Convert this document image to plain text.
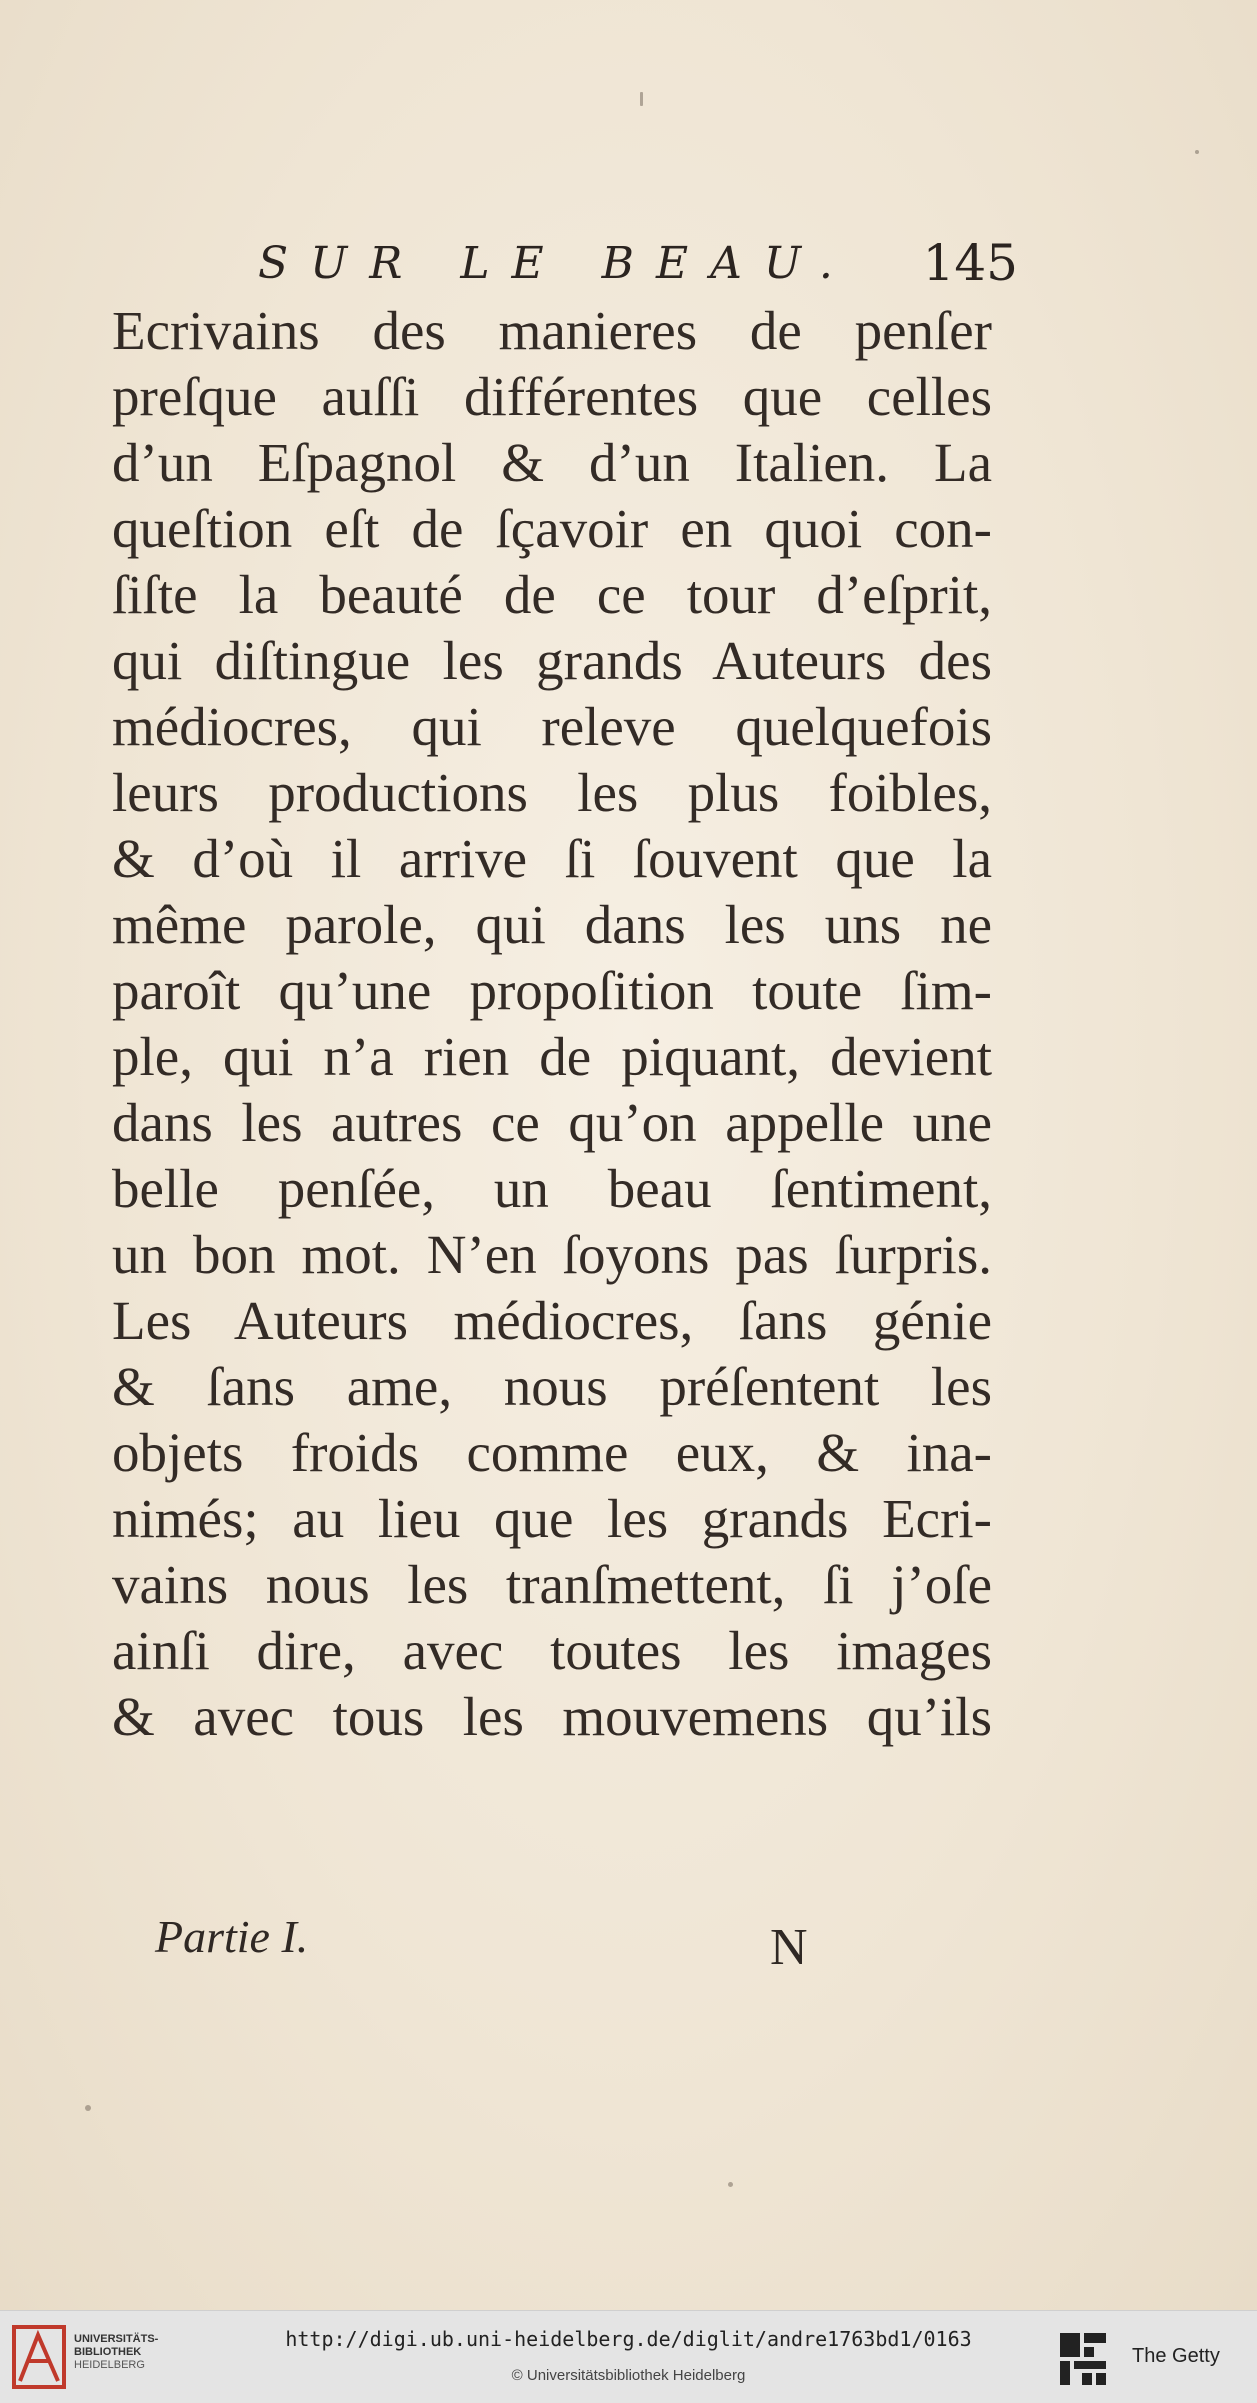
SUR LE BEAU. 145
Ecrivains des manieres de penſer
preſque auſſi différentes que celles
d’un Eſpagnol & d’un Italien. La
queſtion eſt de ſçavoir en quoi con-
ſiſte la beauté de ce tour d’eſprit,
qui diſtingue les grands Auteurs des
médiocres, qui releve quelquefois
leurs productions les plus foibles,
& d’où il arrive ſi ſouvent que la
même parole, qui dans les uns ne
paroît qu’une propoſition toute ſim-
ple, qui n’a rien de piquant, devient
dans les autres ce qu’on appelle une
belle penſée, un beau ſentiment,
un bon mot. N’en ſoyons pas ſurpris.
Les Auteurs médiocres, ſans génie
& ſans ame, nous préſentent les
objets froids comme eux, & ina-
nimés; au lieu que les grands Ecri-
vains nous les tranſmettent, ſi j’oſe
ainſi dire, avec toutes les images
& avec tous les mouvemens qu’ils
Partie I.	N
UNIVERSITÄTS-
BIBLIOTHEK
HEIDELBERG
http://digi.ub.uni-heidelberg.de/diglit/andre1763bd1/0163
© Universitätsbibliothek Heidelberg
The Getty
